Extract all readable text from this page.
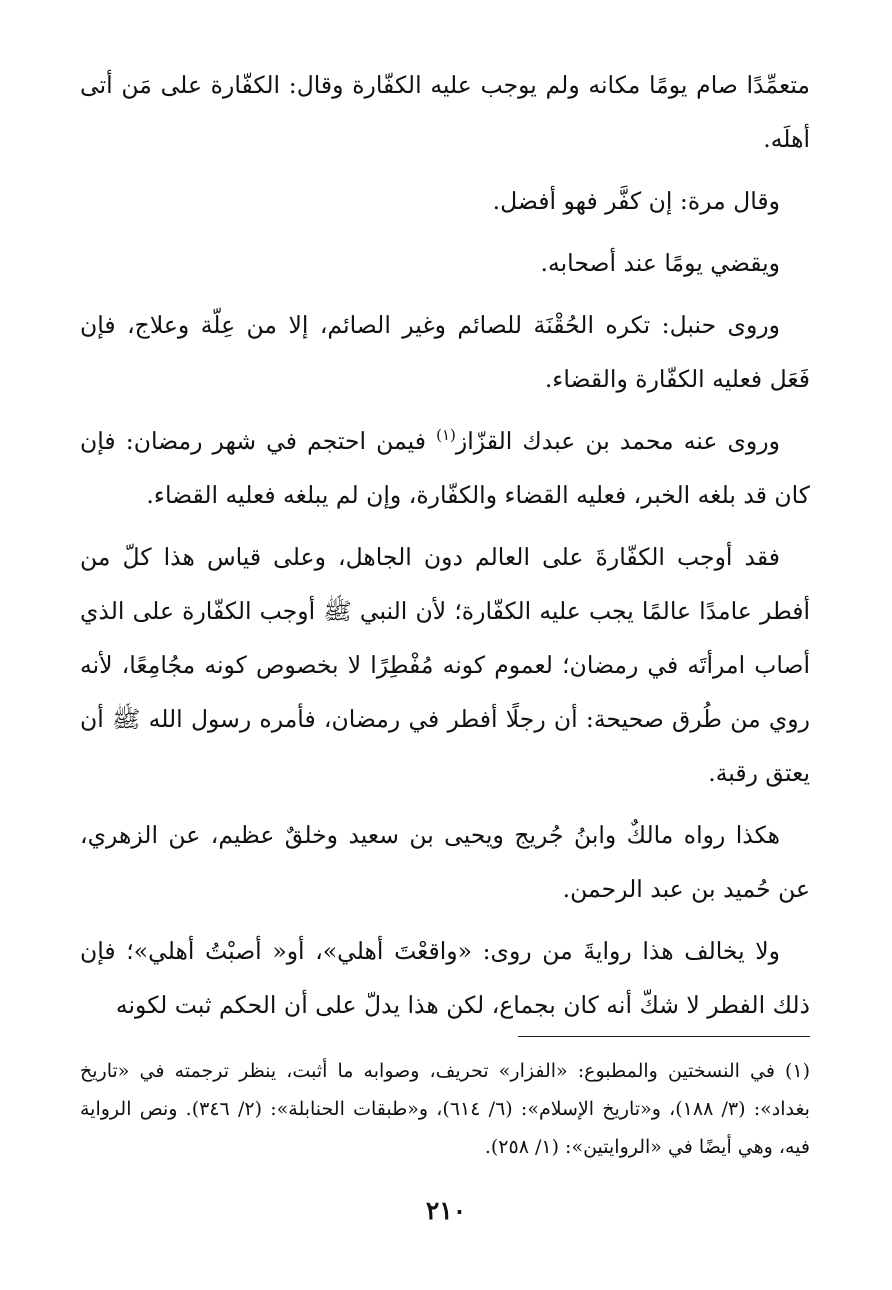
متعمِّدًا صام يومًا مكانه ولم يوجب عليه الكفّارة وقال: الكفّارة على مَن أتى أهلَه.

وقال مرة: إن كفَّر فهو أفضل.

ويقضي يومًا عند أصحابه.

وروى حنبل: تكره الحُقْنَة للصائم وغير الصائم، إلا من عِلّة وعلاج، فإن فَعَل فعليه الكفّارة والقضاء.

وروى عنه محمد بن عبدك القزّاز$^{(١)}$ فيمن احتجم في شهر رمضان: فإن كان قد بلغه الخبر، فعليه القضاء والكفّارة، وإن لم يبلغه فعليه القضاء.

فقد أوجب الكفّارةَ على العالم دون الجاهل، وعلى قياس هذا كلّ من أفطر عامدًا عالمًا يجب عليه الكفّارة؛ لأن النبي ﷺ أوجب الكفّارة على الذي أصاب امرأتَه في رمضان؛ لعموم كونه مُفْطِرًا لا بخصوص كونه مجُامِعًا، لأنه روي من طُرق صحيحة: أن رجلًا أفطر في رمضان، فأمره رسول الله ﷺ أن يعتق رقبة.

هكذا رواه مالكٌ وابنُ جُريج ويحيى بن سعيد وخلقٌ عظيم، عن الزهري، عن حُميد بن عبد الرحمن.

ولا يخالف هذا روايةَ من روى: «واقعْتَ أهلي»، أو« أصبْتُ أهلي»؛ فإن ذلك الفطر لا شكّ أنه كان بجماع، لكن هذا يدلّ على أن الحكم ثبت لكونه

(١)في النسختين والمطبوع: «الفزار» تحريف، وصوابه ما أثبت، ينظر ترجمته في «تاريخ بغداد»: (٣/ ١٨٨)، و«تاريخ الإسلام»: (٦/ ٦١٤)، و«طبقات الحنابلة»: (٢/ ٣٤٦). ونص الرواية فيه، وهي أيضًا في «الروايتين»: (١/ ٢٥٨).

٢١٠
